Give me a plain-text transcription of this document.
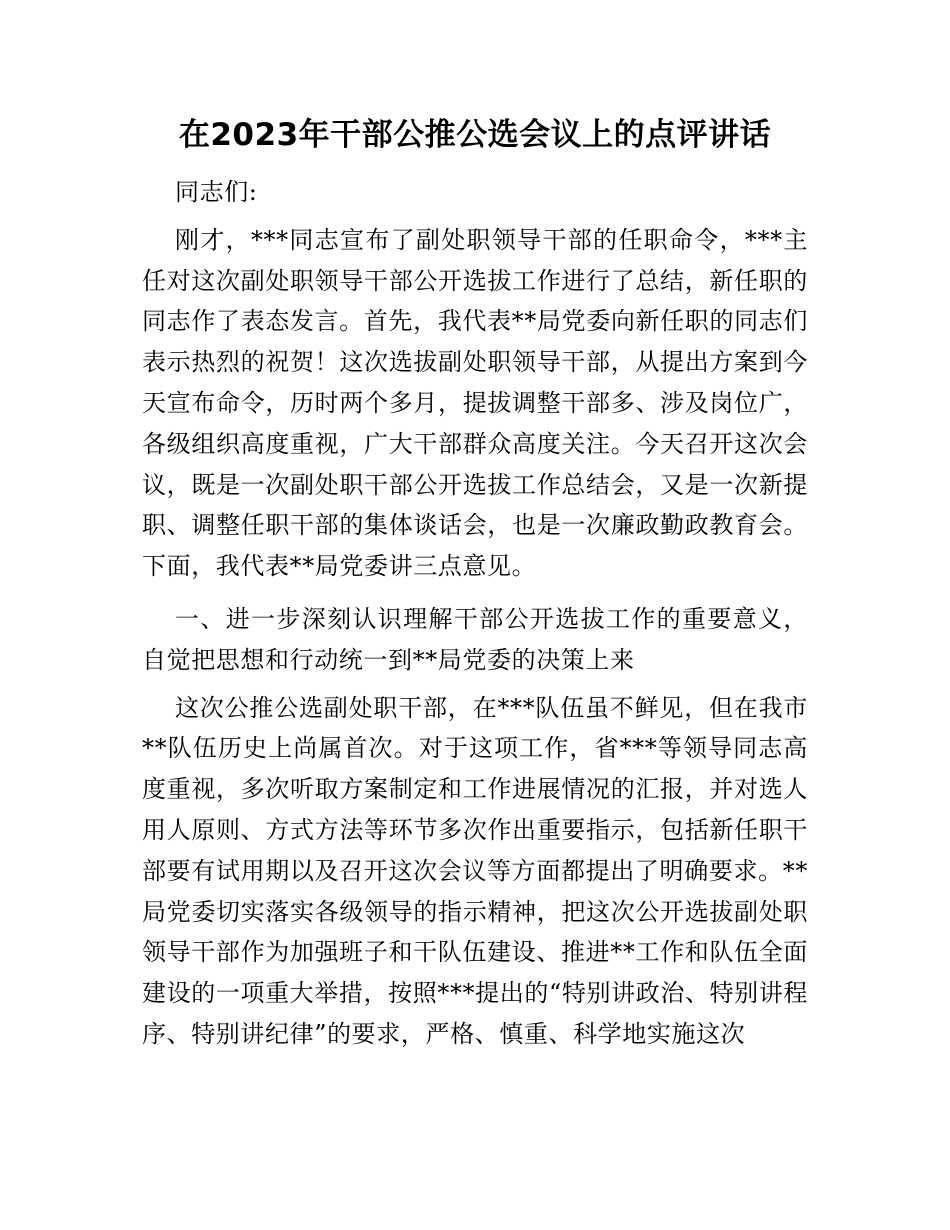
在2023年干部公推公选会议上的点评讲话

同志们:

刚才，***同志宣布了副处职领导干部的任职命令，***主任对这次副处职领导干部公开选拔工作进行了总结，新任职的同志作了表态发言。首先，我代表**局党委向新任职的同志们表示热烈的祝贺！这次选拔副处职领导干部，从提出方案到今天宣布命令，历时两个多月，提拔调整干部多、涉及岗位广，各级组织高度重视，广大干部群众高度关注。今天召开这次会议，既是一次副处职干部公开选拔工作总结会，又是一次新提职、调整任职干部的集体谈话会，也是一次廉政勤政教育会。下面，我代表**局党委讲三点意见。

一、进一步深刻认识理解干部公开选拔工作的重要意义，自觉把思想和行动统一到**局党委的决策上来

这次公推公选副处职干部，在***队伍虽不鲜见，但在我市**队伍历史上尚属首次。对于这项工作，省***等领导同志高度重视，多次听取方案制定和工作进展情况的汇报，并对选人用人原则、方式方法等环节多次作出重要指示，包括新任职干部要有试用期以及召开这次会议等方面都提出了明确要求。**局党委切实落实各级领导的指示精神，把这次公开选拔副处职领导干部作为加强班子和干队伍建设、推进**工作和队伍全面建设的一项重大举措，按照***提出的“特别讲政治、特别讲程序、特别讲纪律”的要求，严格、慎重、科学地实施这次
